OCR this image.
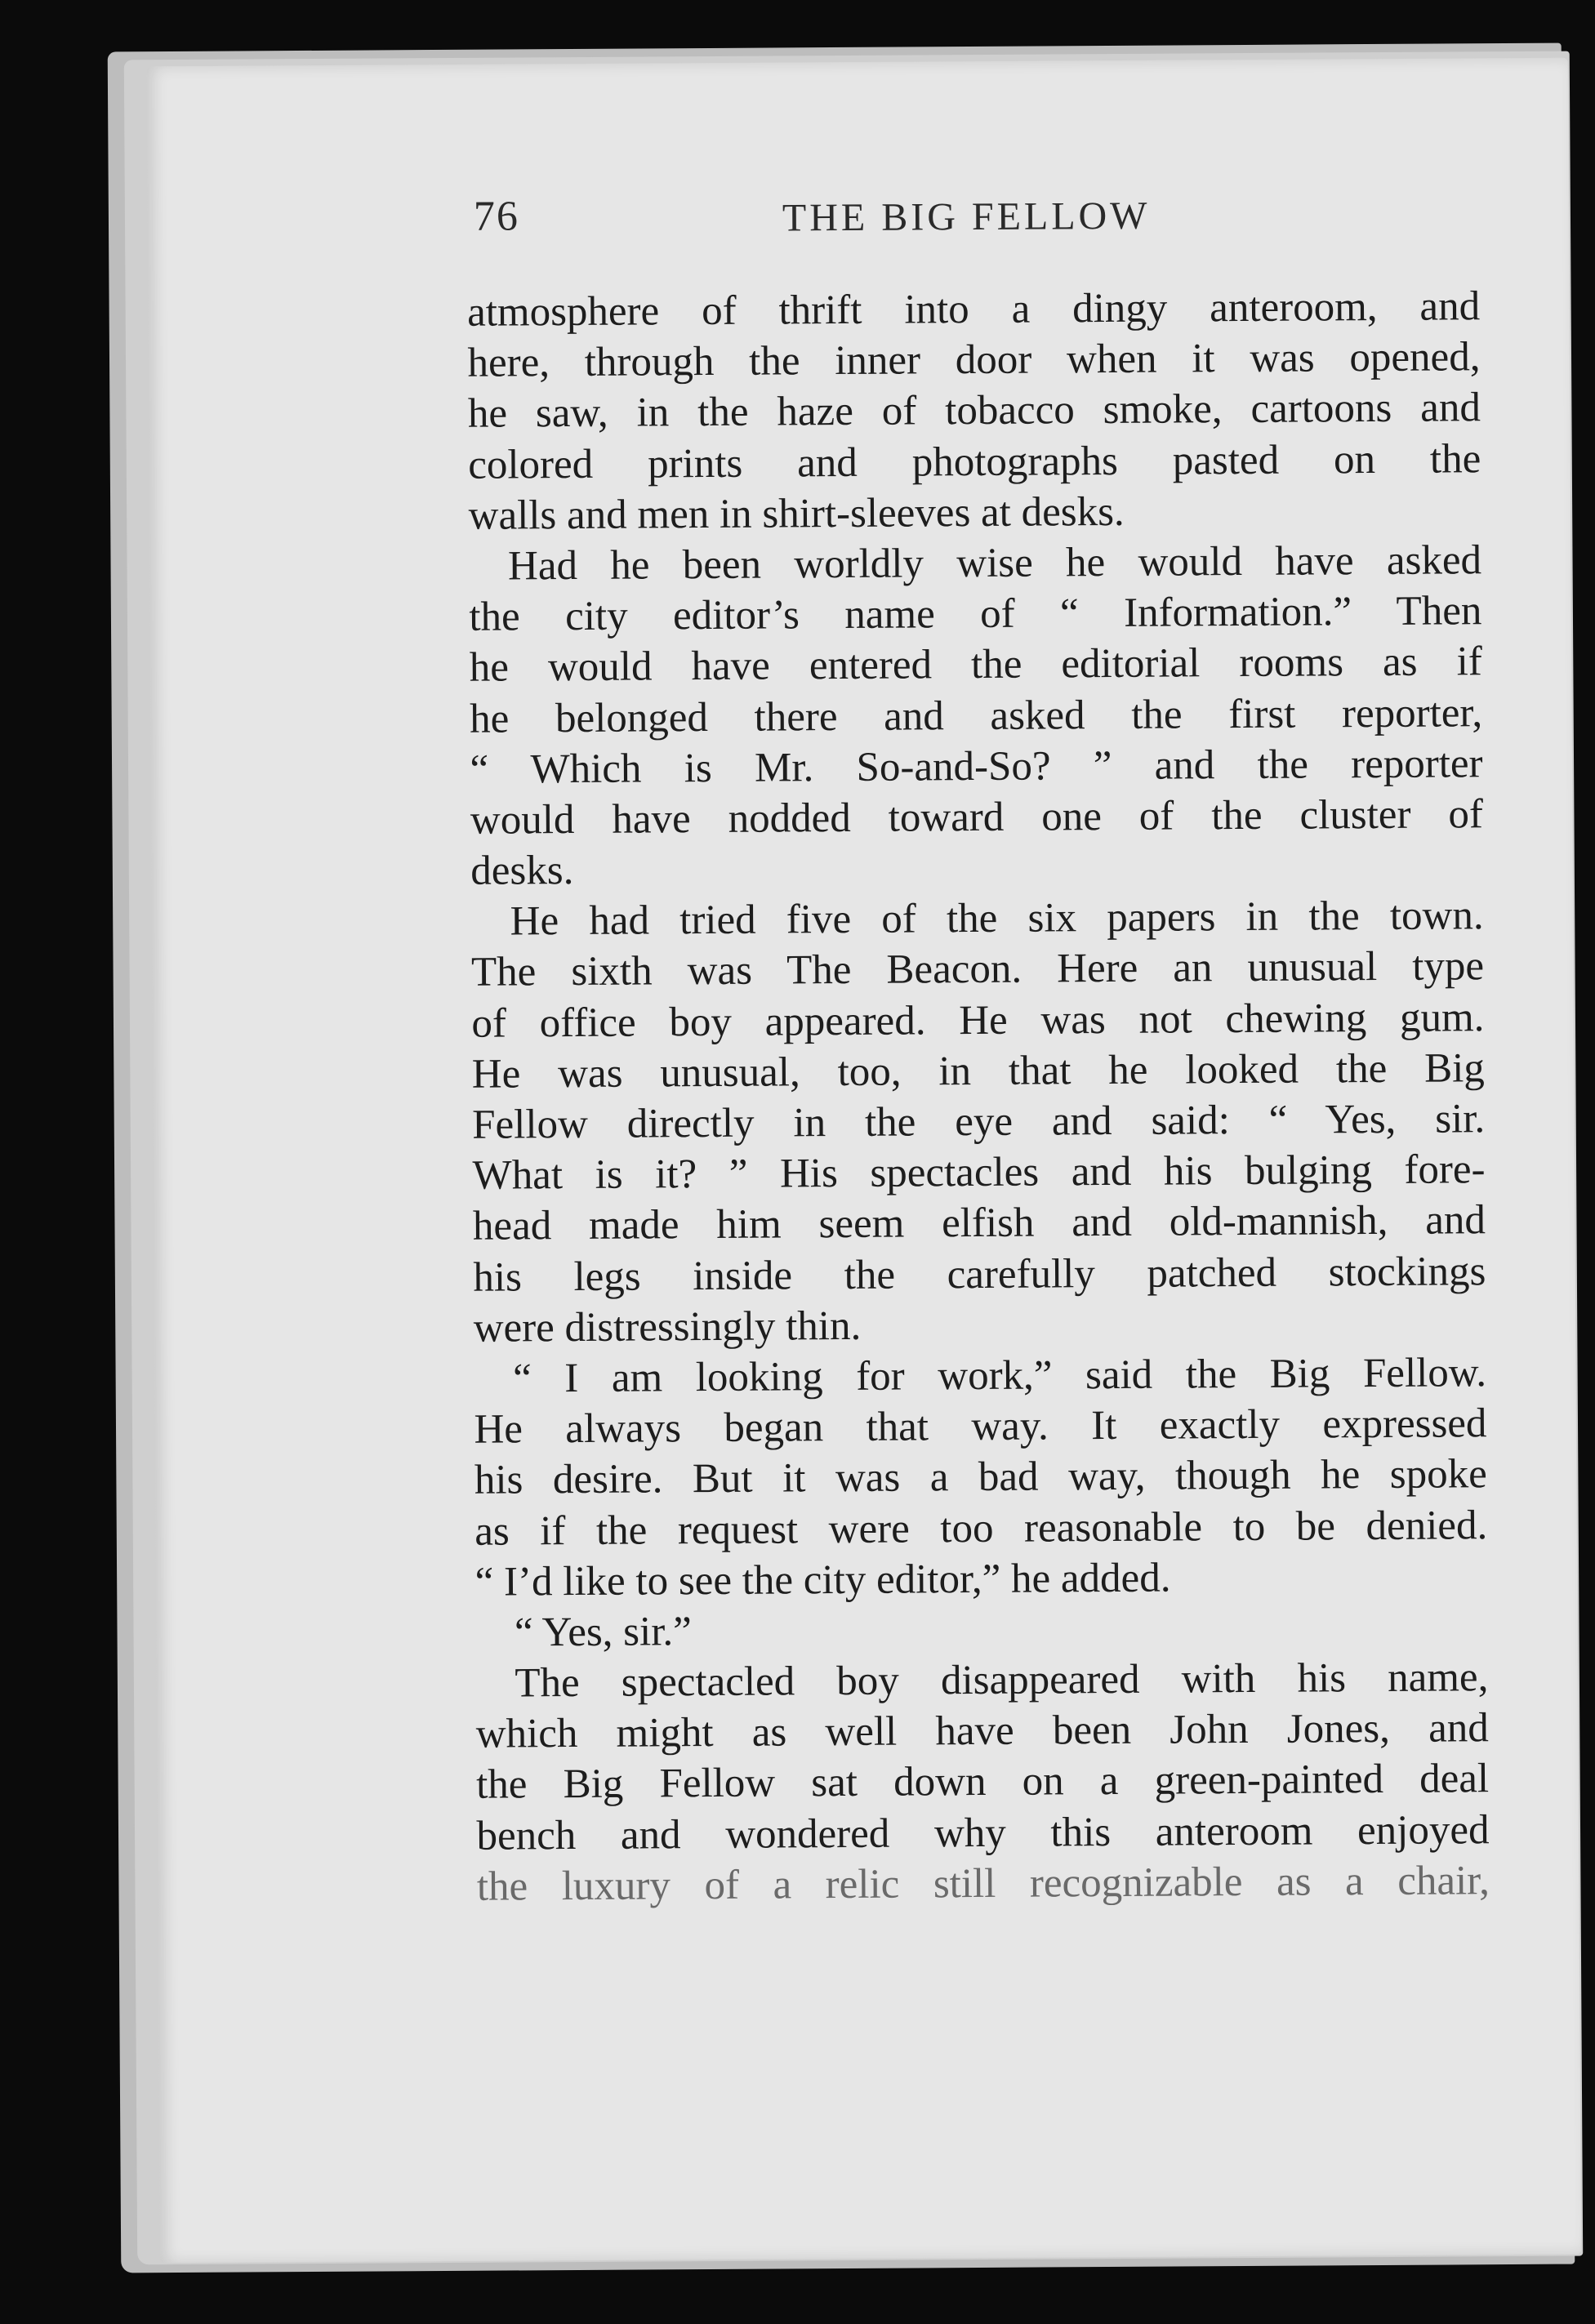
76	THE BIG FELLOW
atmosphere of thrift into a dingy anteroom, and
here, through the inner door when it was opened,
he saw, in the haze of tobacco smoke, cartoons and
colored prints and photographs pasted on the
walls and men in shirt-sleeves at desks.
Had he been worldly wise he would have asked
the city editor’s name of “ Information.” Then
he would have entered the editorial rooms as if
he belonged there and asked the first reporter,
“ Which is Mr. So-and-So? ” and the reporter
would have nodded toward one of the cluster of
desks.
He had tried five of the six papers in the town.
The sixth was The Beacon. Here an unusual type
of office boy appeared. He was not chewing gum.
He was unusual, too, in that he looked the Big
Fellow directly in the eye and said: “ Yes, sir.
What is it? ” His spectacles and his bulging fore-
head made him seem elfish and old-mannish, and
his legs inside the carefully patched stockings
were distressingly thin.
“ I am looking for work,” said the Big Fellow.
He always began that way. It exactly expressed
his desire. But it was a bad way, though he spoke
as if the request were too reasonable to be denied.
“ I’d like to see the city editor,” he added.
“ Yes, sir.”
The spectacled boy disappeared with his name,
which might as well have been John Jones, and
the Big Fellow sat down on a green-painted deal
bench and wondered why this anteroom enjoyed
the luxury of a relic still recognizable as a chair,
